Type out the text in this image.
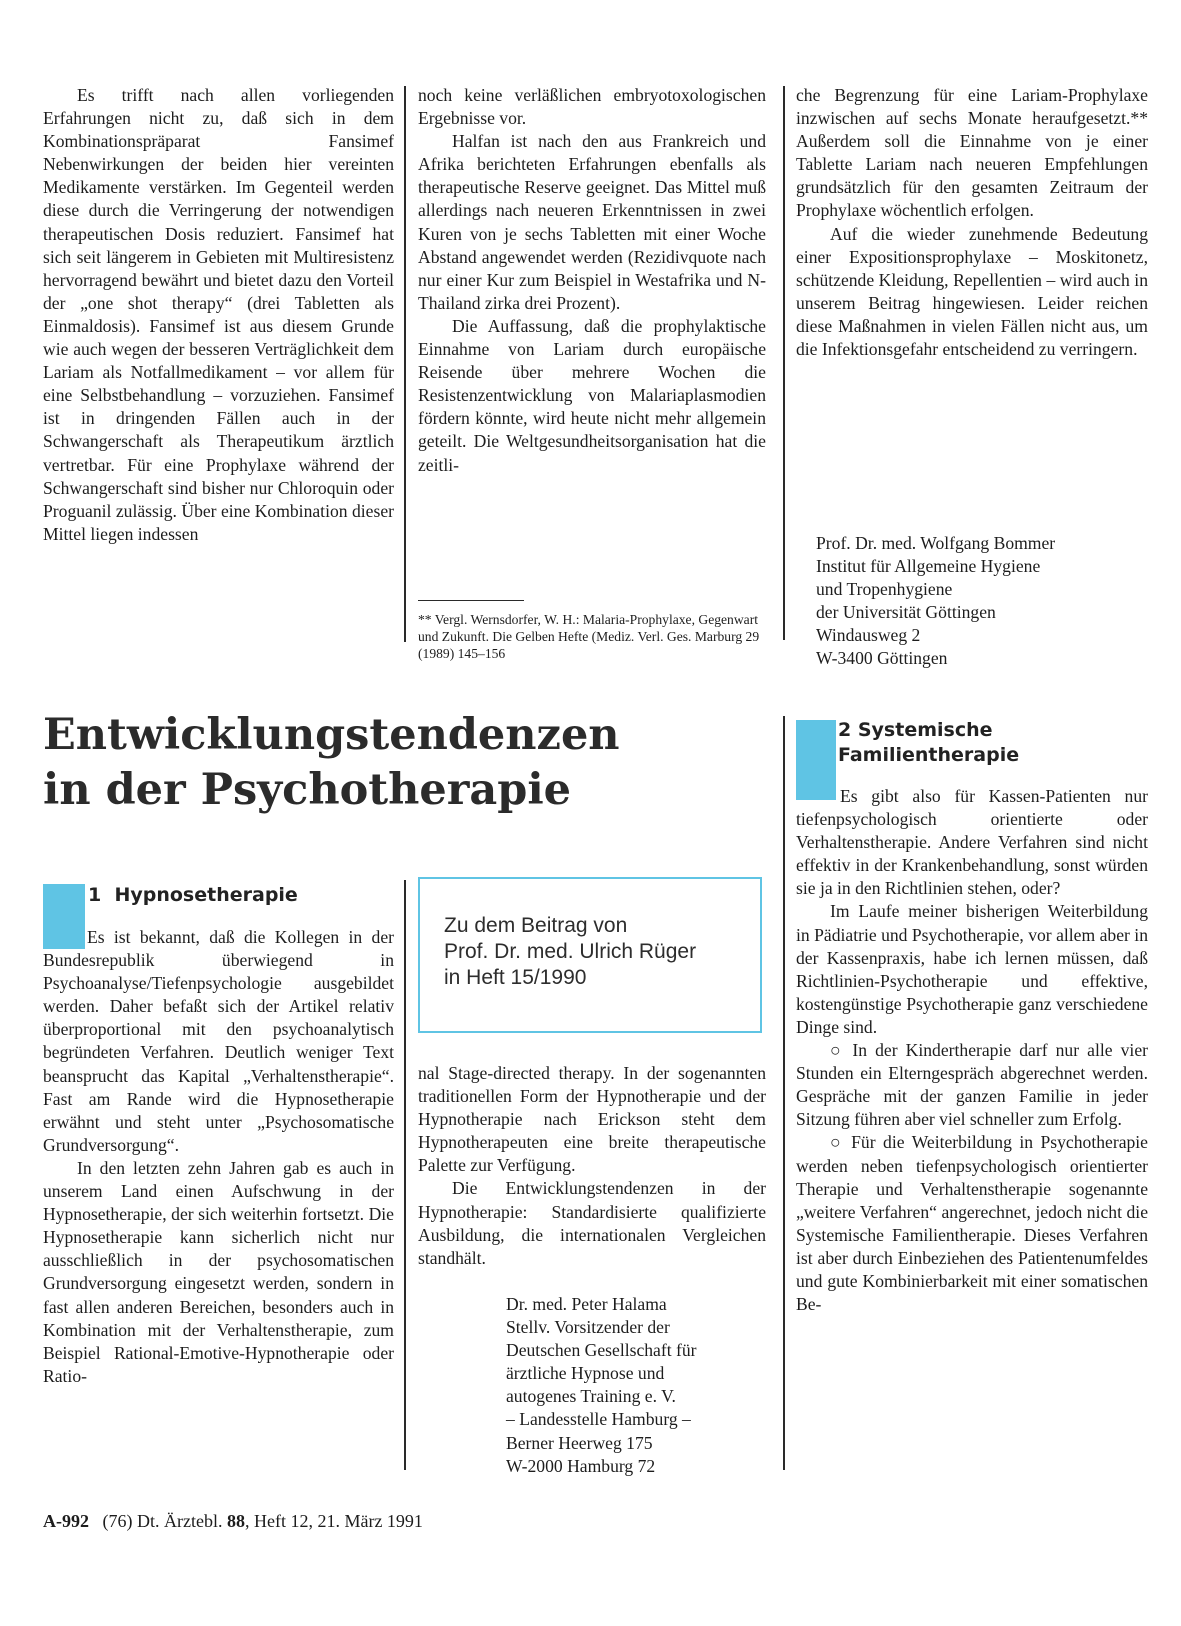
Es trifft nach allen vorliegenden Erfahrungen nicht zu, daß sich in dem Kombinationspräparat Fansimef Nebenwirkungen der beiden hier vereinten Medikamente verstärken. Im Gegenteil werden diese durch die Verringerung der notwendigen therapeutischen Dosis reduziert. Fansimef hat sich seit längerem in Gebieten mit Multiresistenz hervorragend bewährt und bietet dazu den Vorteil der „one shot therapy“ (drei Tabletten als Einmaldosis). Fansimef ist aus diesem Grunde wie auch wegen der besseren Verträglichkeit dem Lariam als Notfallmedikament – vor allem für eine Selbstbehandlung – vorzuziehen. Fansimef ist in dringenden Fällen auch in der Schwangerschaft als Therapeutikum ärztlich vertretbar. Für eine Prophylaxe während der Schwangerschaft sind bisher nur Chloroquin oder Proguanil zulässig. Über eine Kombination dieser Mittel liegen indessen

noch keine verläßlichen embryotoxologischen Ergebnisse vor.

Halfan ist nach den aus Frankreich und Afrika berichteten Erfahrungen ebenfalls als therapeutische Reserve geeignet. Das Mittel muß allerdings nach neueren Erkenntnissen in zwei Kuren von je sechs Tabletten mit einer Woche Abstand angewendet werden (Rezidivquote nach nur einer Kur zum Beispiel in Westafrika und N-Thailand zirka drei Prozent).

Die Auffassung, daß die prophylaktische Einnahme von Lariam durch europäische Reisende über mehrere Wochen die Resistenzentwicklung von Malariaplasmodien fördern könnte, wird heute nicht mehr allgemein geteilt. Die Weltgesundheitsorganisation hat die zeitli-

** Vergl. Wernsdorfer, W. H.: Malaria-Prophylaxe, Gegenwart und Zukunft. Die Gelben Hefte (Mediz. Verl. Ges. Marburg 29 (1989) 145–156

che Begrenzung für eine Lariam-Prophylaxe inzwischen auf sechs Monate heraufgesetzt.** Außerdem soll die Einnahme von je einer Tablette Lariam nach neueren Empfehlungen grundsätzlich für den gesamten Zeitraum der Prophylaxe wöchentlich erfolgen.

Auf die wieder zunehmende Bedeutung einer Expositionsprophylaxe – Moskitonetz, schützende Kleidung, Repellentien – wird auch in unserem Beitrag hingewiesen. Leider reichen diese Maßnahmen in vielen Fällen nicht aus, um die Infektionsgefahr entscheidend zu verringern.

Prof. Dr. med. Wolfgang Bommer
Institut für Allgemeine Hygiene
und Tropenhygiene
der Universität Göttingen
Windausweg 2
W-3400 Göttingen
Entwicklungstendenzen
in der Psychotherapie
1 Hypnosetherapie

Es ist bekannt, daß die Kollegen in der Bundesrepublik überwiegend in Psychoanalyse/Tiefenpsychologie ausgebildet werden. Daher befaßt sich der Artikel relativ überproportional mit den psychoanalytisch begründeten Verfahren. Deutlich weniger Text beansprucht das Kapital „Verhaltenstherapie“. Fast am Rande wird die Hypnosetherapie erwähnt und steht unter „Psychosomatische Grundversorgung“.

In den letzten zehn Jahren gab es auch in unserem Land einen Aufschwung in der Hypnosetherapie, der sich weiterhin fortsetzt. Die Hypnosetherapie kann sicherlich nicht nur ausschließlich in der psychosomatischen Grundversorgung eingesetzt werden, sondern in fast allen anderen Bereichen, besonders auch in Kombination mit der Verhaltenstherapie, zum Beispiel Rational-Emotive-Hypnotherapie oder Ratio-

Zu dem Beitrag von
Prof. Dr. med. Ulrich Rüger
in Heft 15/1990

nal Stage-directed therapy. In der sogenannten traditionellen Form der Hypnotherapie und der Hypnotherapie nach Erickson steht dem Hypnotherapeuten eine breite therapeutische Palette zur Verfügung.

Die Entwicklungstendenzen in der Hypnotherapie: Standardisierte qualifizierte Ausbildung, die internationalen Vergleichen standhält.

Dr. med. Peter Halama
Stellv. Vorsitzender der
Deutschen Gesellschaft für
ärztliche Hypnose und
autogenes Training e. V.
– Landesstelle Hamburg –
Berner Heerweg 175
W-2000 Hamburg 72
2 Systemische
Familientherapie

Es gibt also für Kassen-Patienten nur tiefenpsychologisch orientierte oder Verhaltenstherapie. Andere Verfahren sind nicht effektiv in der Krankenbehandlung, sonst würden sie ja in den Richtlinien stehen, oder?

Im Laufe meiner bisherigen Weiterbildung in Pädiatrie und Psychotherapie, vor allem aber in der Kassenpraxis, habe ich lernen müssen, daß Richtlinien-Psychotherapie und effektive, kostengünstige Psychotherapie ganz verschiedene Dinge sind.

○ In der Kindertherapie darf nur alle vier Stunden ein Elterngespräch abgerechnet werden. Gespräche mit der ganzen Familie in jeder Sitzung führen aber viel schneller zum Erfolg.

○ Für die Weiterbildung in Psychotherapie werden neben tiefenpsychologisch orientierter Therapie und Verhaltenstherapie sogenannte „weitere Verfahren“ angerechnet, jedoch nicht die Systemische Familientherapie. Dieses Verfahren ist aber durch Einbeziehen des Patientenumfeldes und gute Kombinierbarkeit mit einer somatischen Be-

A-992 (76) Dt. Ärztebl. 88, Heft 12, 21. März 1991
